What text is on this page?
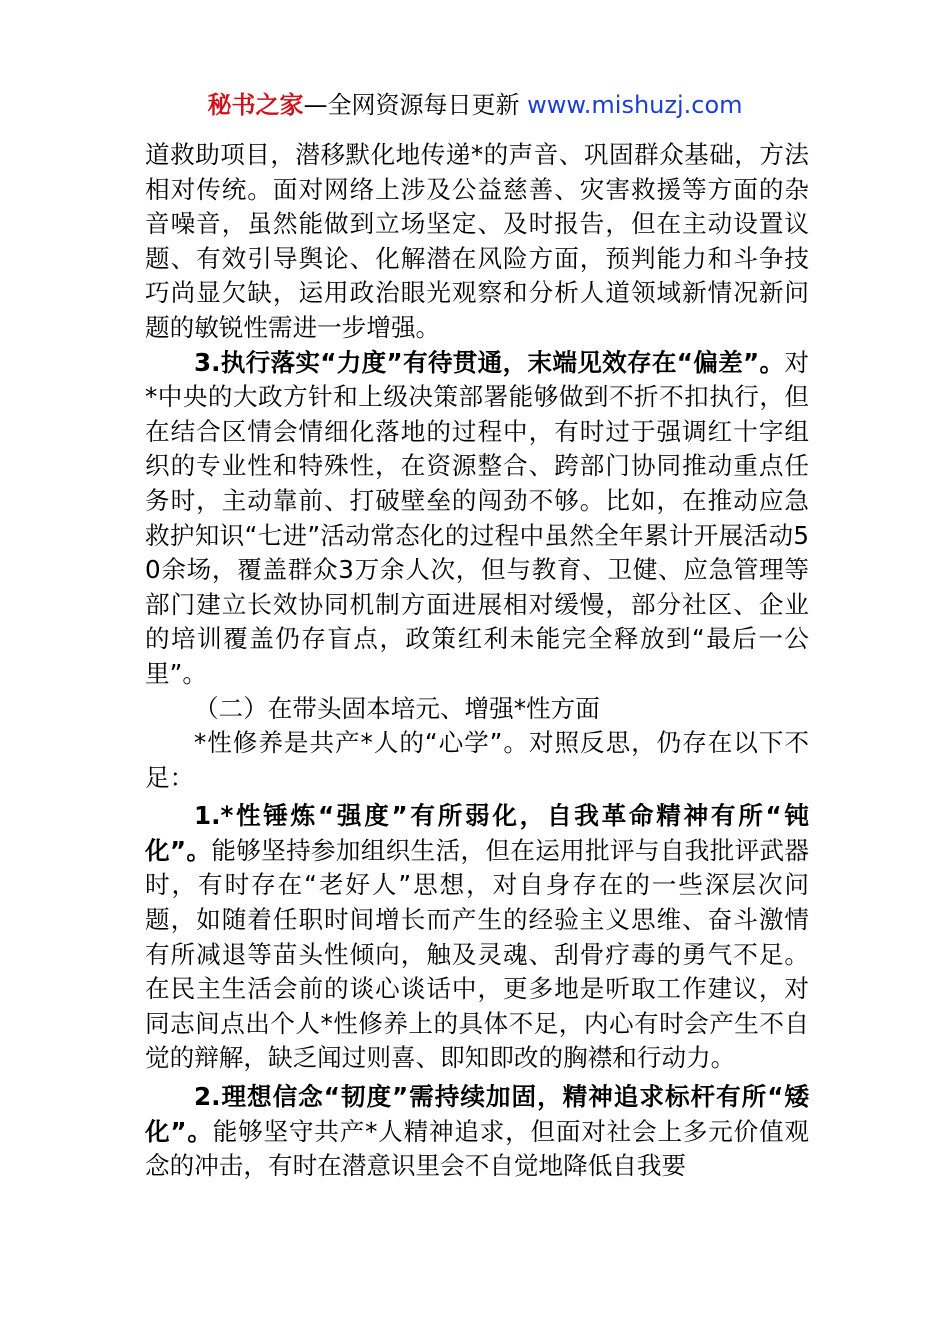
秘书之家—全网资源每日更新 www.mishuzj.com

道救助项目，潜移默化地传递*的声音、巩固群众基础，方法相对传统。面对网络上涉及公益慈善、灾害救援等方面的杂音噪音，虽然能做到立场坚定、及时报告，但在主动设置议题、有效引导舆论、化解潜在风险方面，预判能力和斗争技巧尚显欠缺，运用政治眼光观察和分析人道领域新情况新问题的敏锐性需进一步增强。

3.执行落实“力度”有待贯通，末端见效存在“偏差”。对*中央的大政方针和上级决策部署能够做到不折不扣执行，但在结合区情会情细化落地的过程中，有时过于强调红十字组织的专业性和特殊性，在资源整合、跨部门协同推动重点任务时，主动靠前、打破壁垒的闯劲不够。比如，在推动应急救护知识“七进”活动常态化的过程中虽然全年累计开展活动50余场，覆盖群众3万余人次，但与教育、卫健、应急管理等部门建立长效协同机制方面进展相对缓慢，部分社区、企业的培训覆盖仍存盲点，政策红利未能完全释放到“最后一公里”。

（二）在带头固本培元、增强*性方面

*性修养是共产*人的“心学”。对照反思，仍存在以下不足：

1.*性锤炼“强度”有所弱化，自我革命精神有所“钝化”。能够坚持参加组织生活，但在运用批评与自我批评武器时，有时存在“老好人”思想，对自身存在的一些深层次问题，如随着任职时间增长而产生的经验主义思维、奋斗激情有所减退等苗头性倾向，触及灵魂、刮骨疗毒的勇气不足。在民主生活会前的谈心谈话中，更多地是听取工作建议，对同志间点出个人*性修养上的具体不足，内心有时会产生不自觉的辩解，缺乏闻过则喜、即知即改的胸襟和行动力。

2.理想信念“韧度”需持续加固，精神追求标杆有所“矮化”。能够坚守共产*人精神追求，但面对社会上多元价值观念的冲击，有时在潜意识里会不自觉地降低自我要
